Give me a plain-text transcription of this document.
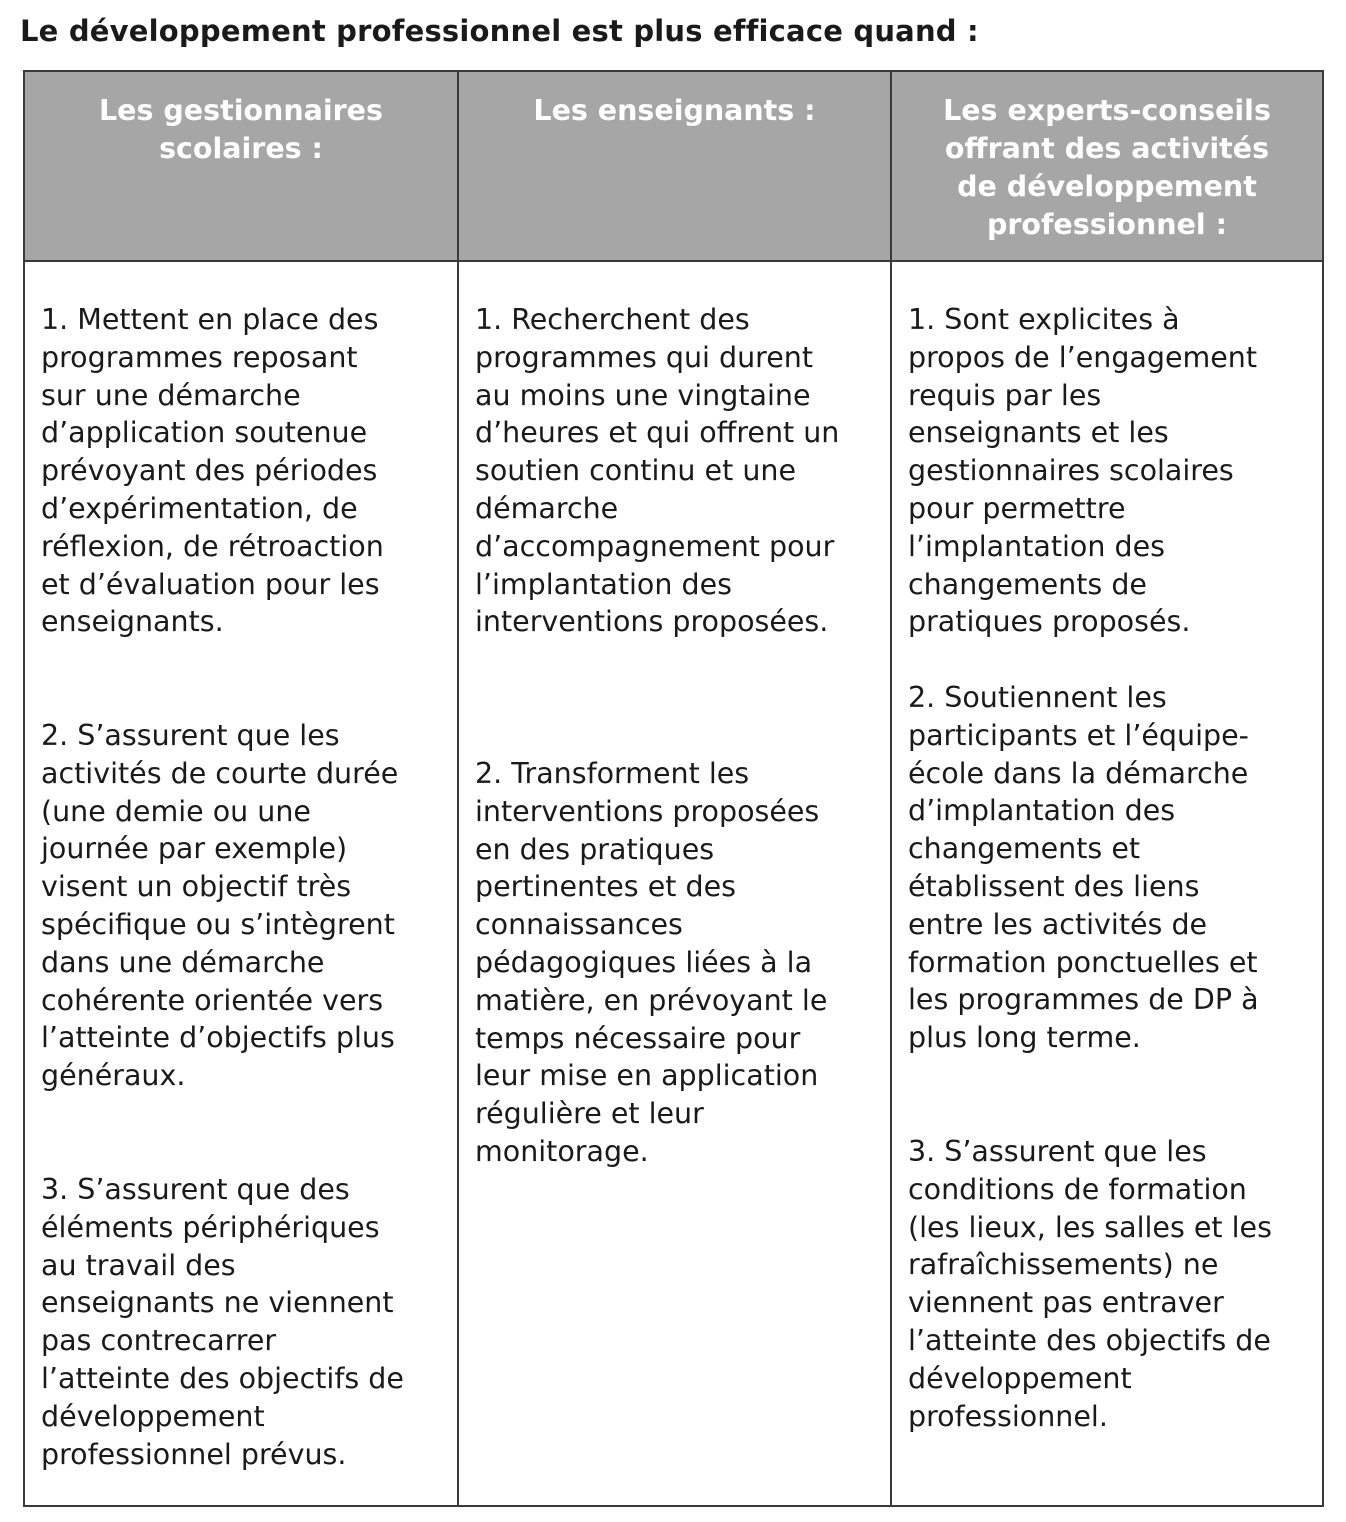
Le développement professionnel est plus efficace quand :
Les gestionnaires
scolaires :
Les enseignants :	Les experts-conseils
offrant des activités
de développement
professionnel :

1. Mettent en place des

programmes reposant

sur une démarche

d’application soutenue

prévoyant des périodes

d’expérimentation, de

réflexion, de rétroaction

et d’évaluation pour les

enseignants.

2. S’assurent que les

activités de courte durée

(une demie ou une

journée par exemple)

visent un objectif très

spécifique ou s’intègrent

dans une démarche

cohérente orientée vers

l’atteinte d’objectifs plus

généraux.

3. S’assurent que des

éléments périphériques

au travail des

enseignants ne viennent

pas contrecarrer

l’atteinte des objectifs de

développement

professionnel prévus.

1. Recherchent des

programmes qui durent

au moins une vingtaine

d’heures et qui offrent un

soutien continu et une

démarche

d’accompagnement pour

l’implantation des

interventions proposées.

2. Transforment les

interventions proposées

en des pratiques

pertinentes et des

connaissances

pédagogiques liées à la

matière, en prévoyant le

temps nécessaire pour

leur mise en application

régulière et leur

monitorage.

1. Sont explicites à

propos de l’engagement

requis par les

enseignants et les

gestionnaires scolaires

pour permettre

l’implantation des

changements de

pratiques proposés.

2. Soutiennent les

participants et l’équipe-

école dans la démarche

d’implantation des

changements et

établissent des liens

entre les activités de

formation ponctuelles et

les programmes de DP à

plus long terme.

3. S’assurent que les

conditions de formation

(les lieux, les salles et les

rafraîchissements) ne

viennent pas entraver

l’atteinte des objectifs de

développement

professionnel.
